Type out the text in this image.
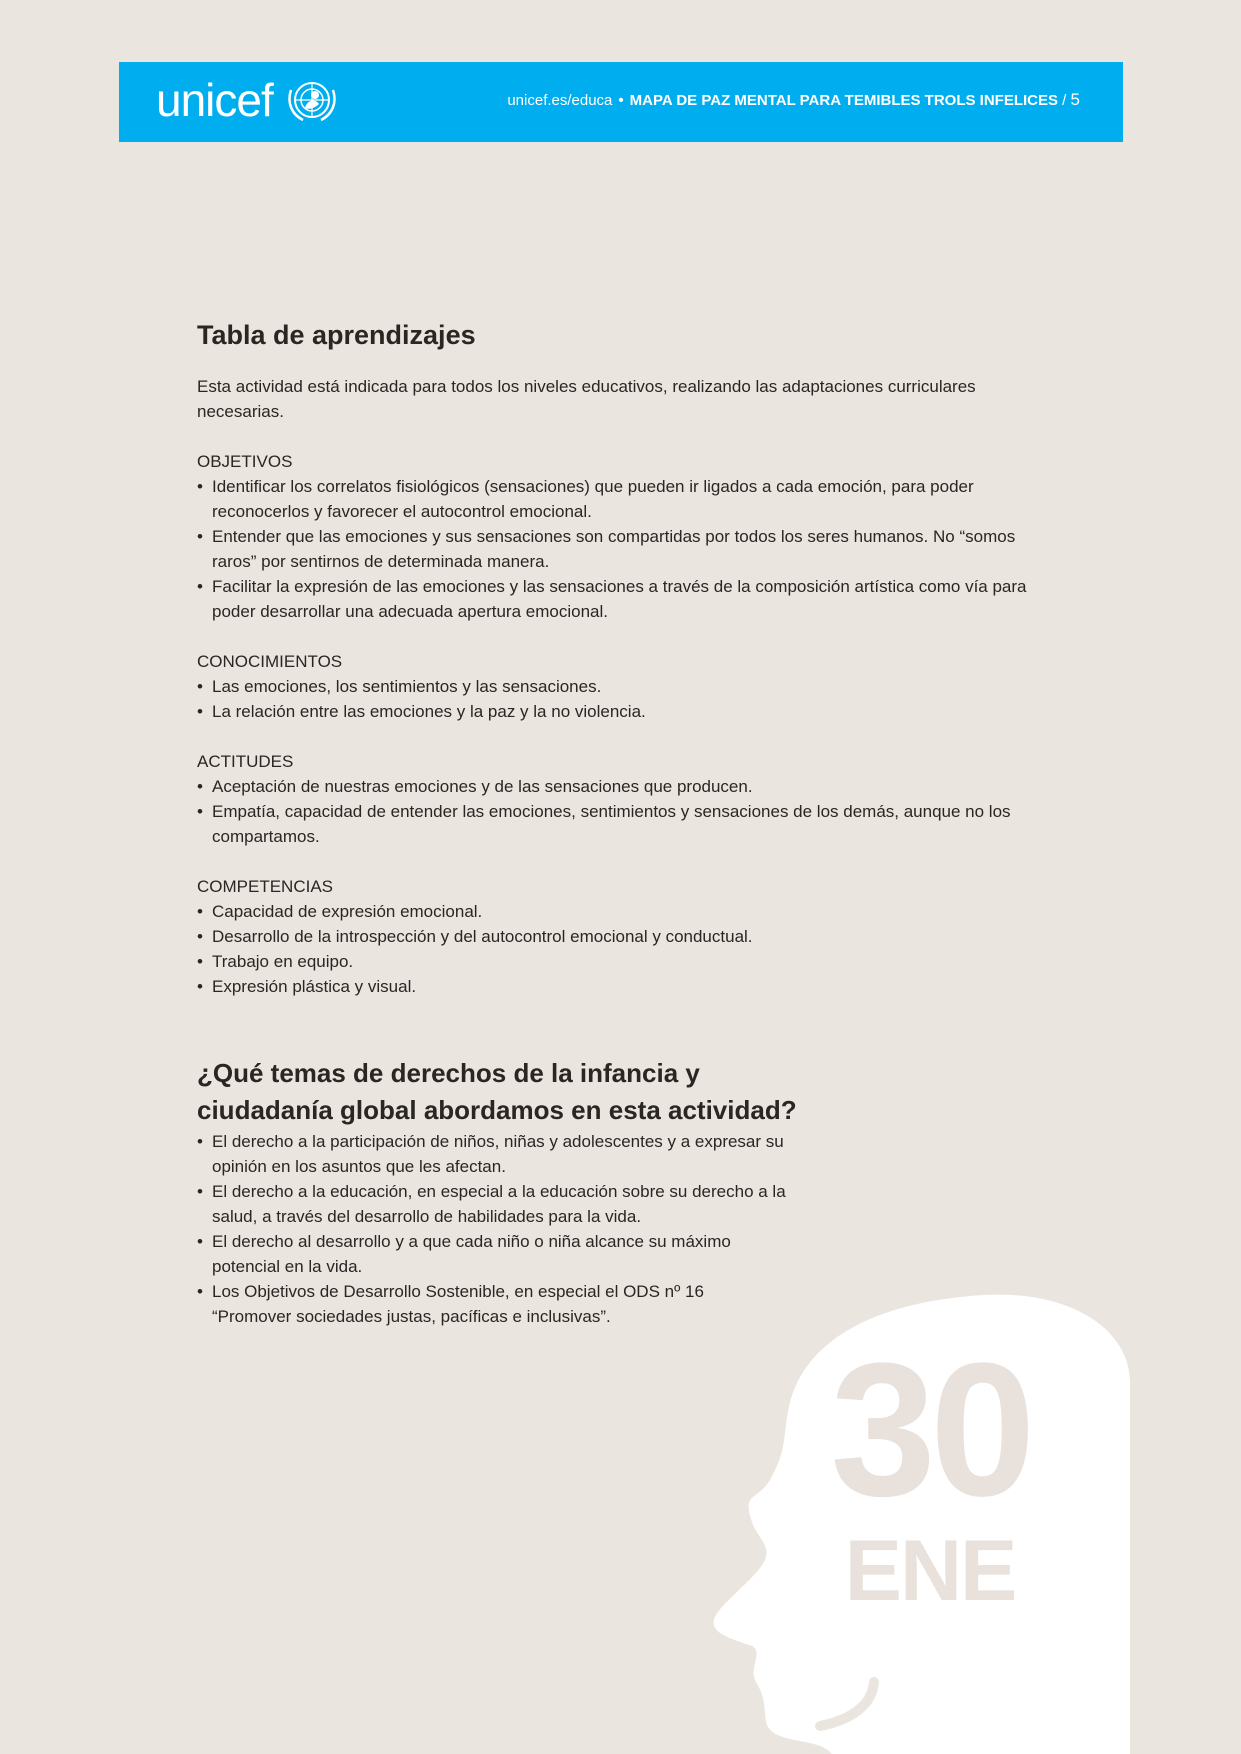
30
ENE
unicef	unicef.es/educa • MAPA DE PAZ MENTAL PARA TEMIBLES TROLS INFELICES / 5
Tabla de aprendizajes

Esta actividad está indicada para todos los niveles educativos, realizando las adaptaciones curriculares necesarias.

OBJETIVOS
• Identificar los correlatos fisiológicos (sensaciones) que pueden ir ligados a cada emoción, para poder reconocerlos y favorecer el autocontrol emocional.
• Entender que las emociones y sus sensaciones son compartidas por todos los seres humanos. No “somos raros” por sentirnos de determinada manera.
• Facilitar la expresión de las emociones y las sensaciones a través de la composición artística como vía para poder desarrollar una adecuada apertura emocional.
CONOCIMIENTOS
• Las emociones, los sentimientos y las sensaciones.
• La relación entre las emociones y la paz y la no violencia.
ACTITUDES
• Aceptación de nuestras emociones y de las sensaciones que producen.
• Empatía, capacidad de entender las emociones, sentimientos y sensaciones de los demás, aunque no los compartamos.
COMPETENCIAS
• Capacidad de expresión emocional.
• Desarrollo de la introspección y del autocontrol emocional y conductual.
• Trabajo en equipo.
• Expresión plástica y visual.
¿Qué temas de derechos de la infancia y
ciudadanía global abordamos en esta actividad?
• El derecho a la participación de niños, niñas y adolescentes y a expresar su opinión en los asuntos que les afectan.
• El derecho a la educación, en especial a la educación sobre su derecho a la salud, a través del desarrollo de habilidades para la vida.
• El derecho al desarrollo y a que cada niño o niña alcance su máximo potencial en la vida.
• Los Objetivos de Desarrollo Sostenible, en especial el ODS nº 16 “Promover sociedades justas, pacíficas e inclusivas”.
